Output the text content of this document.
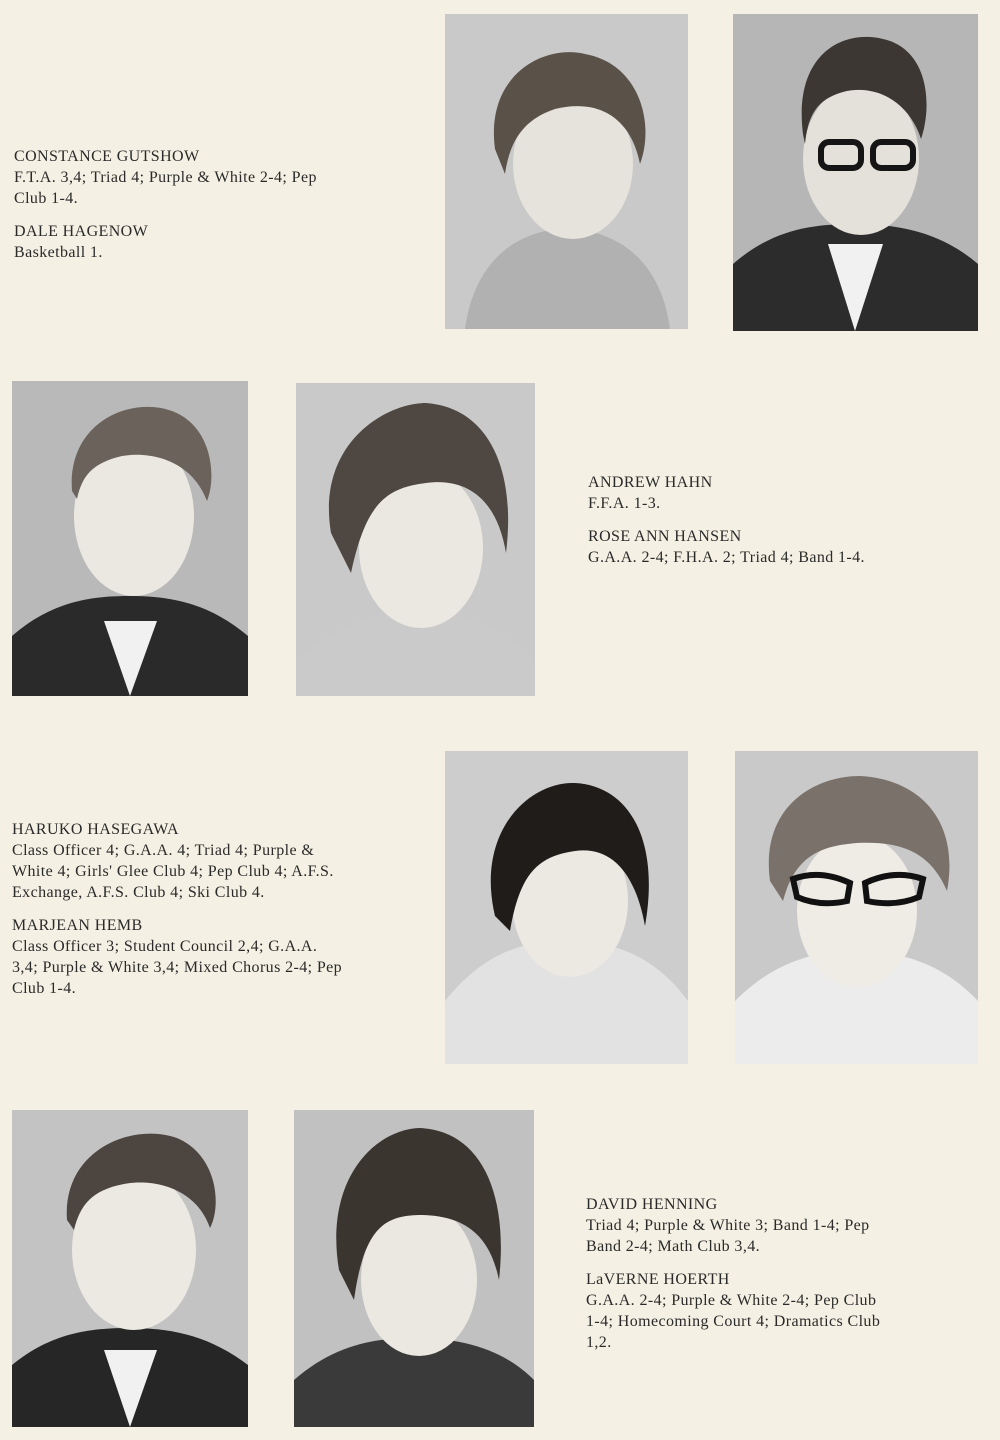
CONSTANCE GUTSHOW
F.T.A. 3,4; Triad 4; Purple & White 2-4; Pep
Club 1-4.
DALE HAGENOW
Basketball 1.
ANDREW HAHN
F.F.A. 1-3.
ROSE ANN HANSEN
G.A.A. 2-4; F.H.A. 2; Triad 4; Band 1-4.
HARUKO HASEGAWA
Class Officer 4; G.A.A. 4; Triad 4; Purple &
White 4; Girls' Glee Club 4; Pep Club 4; A.F.S.
Exchange, A.F.S. Club 4; Ski Club 4.
MARJEAN HEMB
Class Officer 3; Student Council 2,4; G.A.A.
3,4; Purple & White 3,4; Mixed Chorus 2-4; Pep
Club 1-4.
DAVID HENNING
Triad 4; Purple & White 3; Band 1-4; Pep
Band 2-4; Math Club 3,4.
LaVERNE HOERTH
G.A.A. 2-4; Purple & White 2-4; Pep Club
1-4; Homecoming Court 4; Dramatics Club
1,2.
